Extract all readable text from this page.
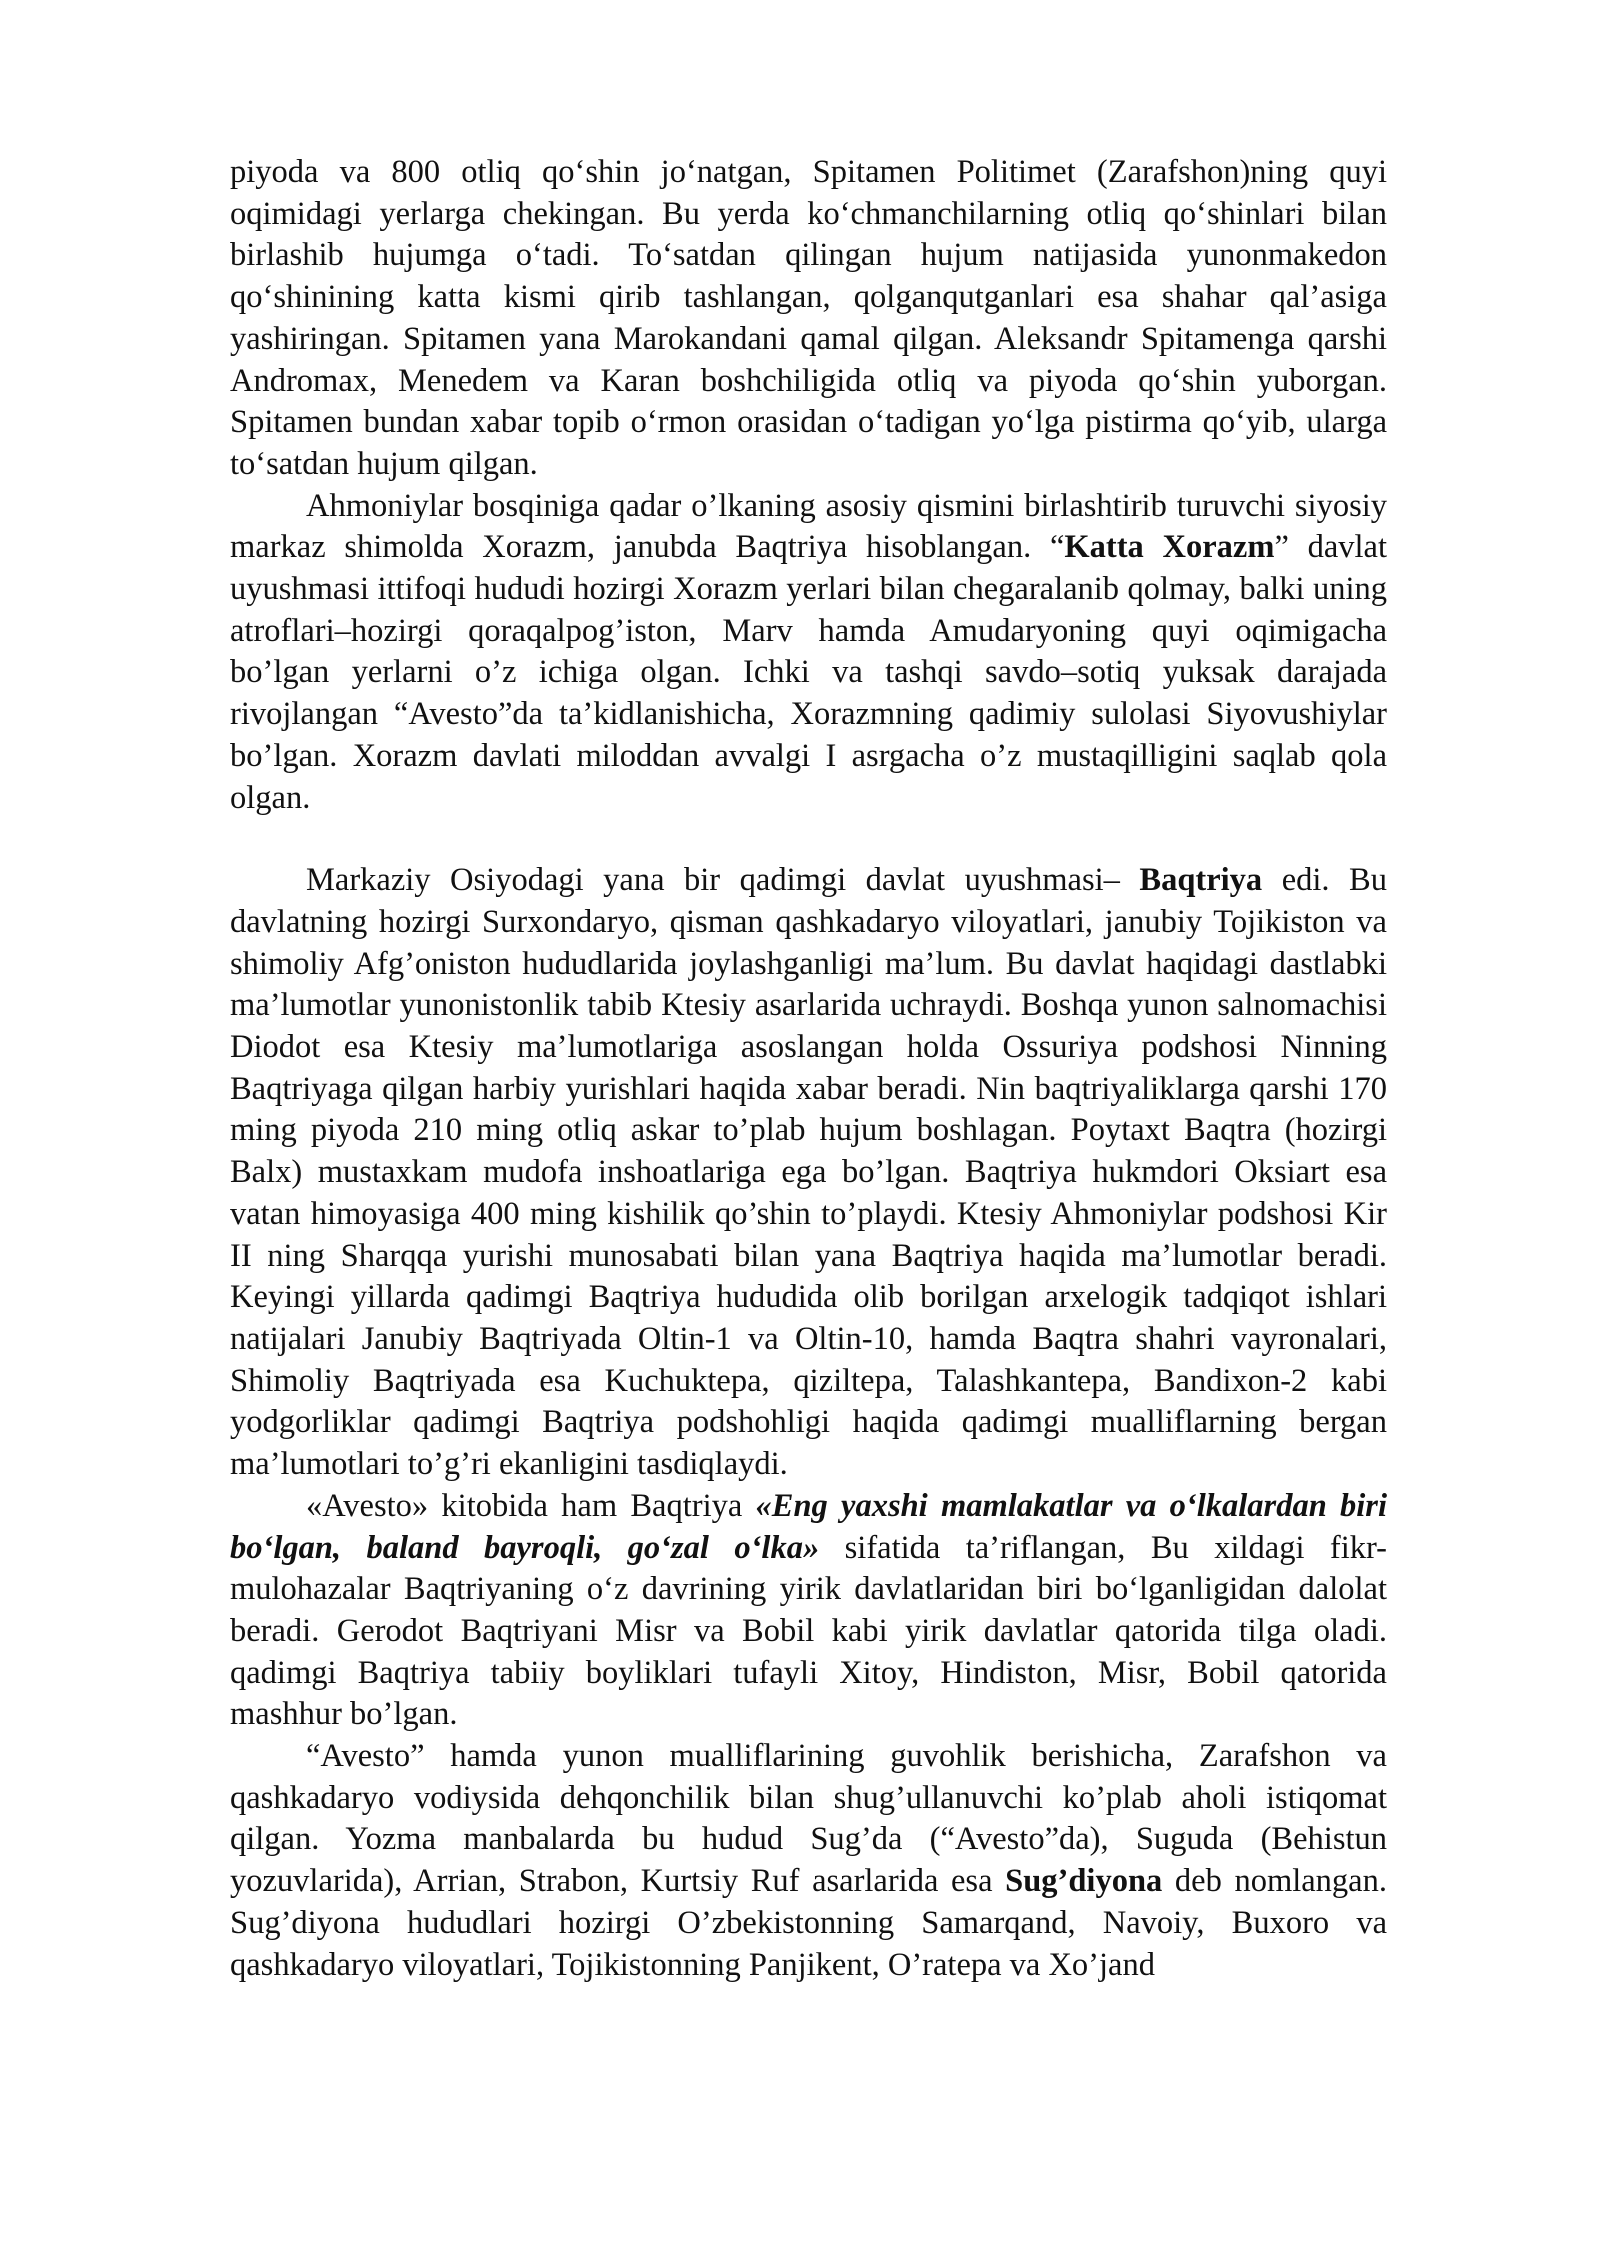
piyoda va 800 otliq qo‘shin jo‘natgan, Spitamen Politimet (Zarafshon)ning quyi oqimidagi yerlarga chekingan. Bu yerda ko‘chmanchilarning otliq qo‘shinlari bilan birlashib hujumga o‘tadi. To‘satdan qilingan hujum natijasida yunonmakedon qo‘shinining katta kismi qirib tashlangan, qolganqutganlari esa shahar qal’asiga yashiringan. Spitamen yana Marokandani qamal qilgan. Aleksandr Spitamenga qarshi Andromax, Menedem va Karan boshchiligida otliq va piyoda qo‘shin yuborgan. Spitamen bundan xabar topib o‘rmon orasidan o‘tadigan yo‘lga pistirma qo‘yib, ularga to‘satdan hujum qilgan.

Ahmoniylar bosqiniga qadar o’lkaning asosiy qismini birlashtirib turuvchi siyosiy markaz shimolda Xorazm, janubda Baqtriya hisoblangan. “Katta Xorazm” davlat uyushmasi ittifoqi hududi hozirgi Xorazm yerlari bilan chegaralanib qolmay, balki uning atroflari–hozirgi qoraqalpog’iston, Marv hamda Amudaryoning quyi oqimigacha bo’lgan yerlarni o’z ichiga olgan. Ichki va tashqi savdo–sotiq yuksak darajada rivojlangan “Avesto”da ta’kidlanishicha, Xorazmning qadimiy sulolasi Siyovushiylar bo’lgan. Xorazm davlati miloddan avvalgi I asrgacha o’z mustaqilligini saqlab qola olgan.

Markaziy Osiyodagi yana bir qadimgi davlat uyushmasi– Baqtriya edi. Bu davlatning hozirgi Surxondaryo, qisman qashkadaryo viloyatlari, janubiy Tojikiston va shimoliy Afg’oniston hududlarida joylashganligi ma’lum. Bu davlat haqidagi dastlabki ma’lumotlar yunonistonlik tabib Ktesiy asarlarida uchraydi. Boshqa yunon salnomachisi Diodot esa Ktesiy ma’lumotlariga asoslangan holda Ossuriya podshosi Ninning Baqtriyaga qilgan harbiy yurishlari haqida xabar beradi. Nin baqtriyaliklarga qarshi 170 ming piyoda 210 ming otliq askar to’plab hujum boshlagan. Poytaxt Baqtra (hozirgi Balx) mustaxkam mudofa inshoatlariga ega bo’lgan. Baqtriya hukmdori Oksiart esa vatan himoyasiga 400 ming kishilik qo’shin to’playdi. Ktesiy Ahmoniylar podshosi Kir II ning Sharqqa yurishi munosabati bilan yana Baqtriya haqida ma’lumotlar beradi. Keyingi yillarda qadimgi Baqtriya hududida olib borilgan arxelogik tadqiqot ishlari natijalari Janubiy Baqtriyada Oltin-1 va Oltin-10, hamda Baqtra shahri vayronalari, Shimoliy Baqtriyada esa Kuchuktepa, qiziltepa, Talashkantepa, Bandixon-2 kabi yodgorliklar qadimgi Baqtriya podshohligi haqida qadimgi mualliflarning bergan ma’lumotlari to’g’ri ekanligini tasdiqlaydi.

«Avesto» kitobida ham Baqtriya «Eng yaxshi mamlakatlar va o‘lkalardan biri bo‘lgan, baland bayroqli, go‘zal o‘lka» sifatida ta’riflangan, Bu xildagi fikr-mulohazalar Baqtriyaning o‘z davrining yirik davlatlaridan biri bo‘lganligidan dalolat beradi. Gerodot Baqtriyani Misr va Bobil kabi yirik davlatlar qatorida tilga oladi. qadimgi Baqtriya tabiiy boyliklari tufayli Xitoy, Hindiston, Misr, Bobil qatorida mashhur bo’lgan.

“Avesto” hamda yunon mualliflarining guvohlik berishicha, Zarafshon va qashkadaryo vodiysida dehqonchilik bilan shug’ullanuvchi ko’plab aholi istiqomat qilgan. Yozma manbalarda bu hudud Sug’da (“Avesto”da), Suguda (Behistun yozuvlarida), Arrian, Strabon, Kurtsiy Ruf asarlarida esa Sug’diyona deb nomlangan. Sug’diyona hududlari hozirgi O’zbekistonning Samarqand, Navoiy, Buxoro va qashkadaryo viloyatlari, Tojikistonning Panjikent, O’ratepa va Xo’jand
